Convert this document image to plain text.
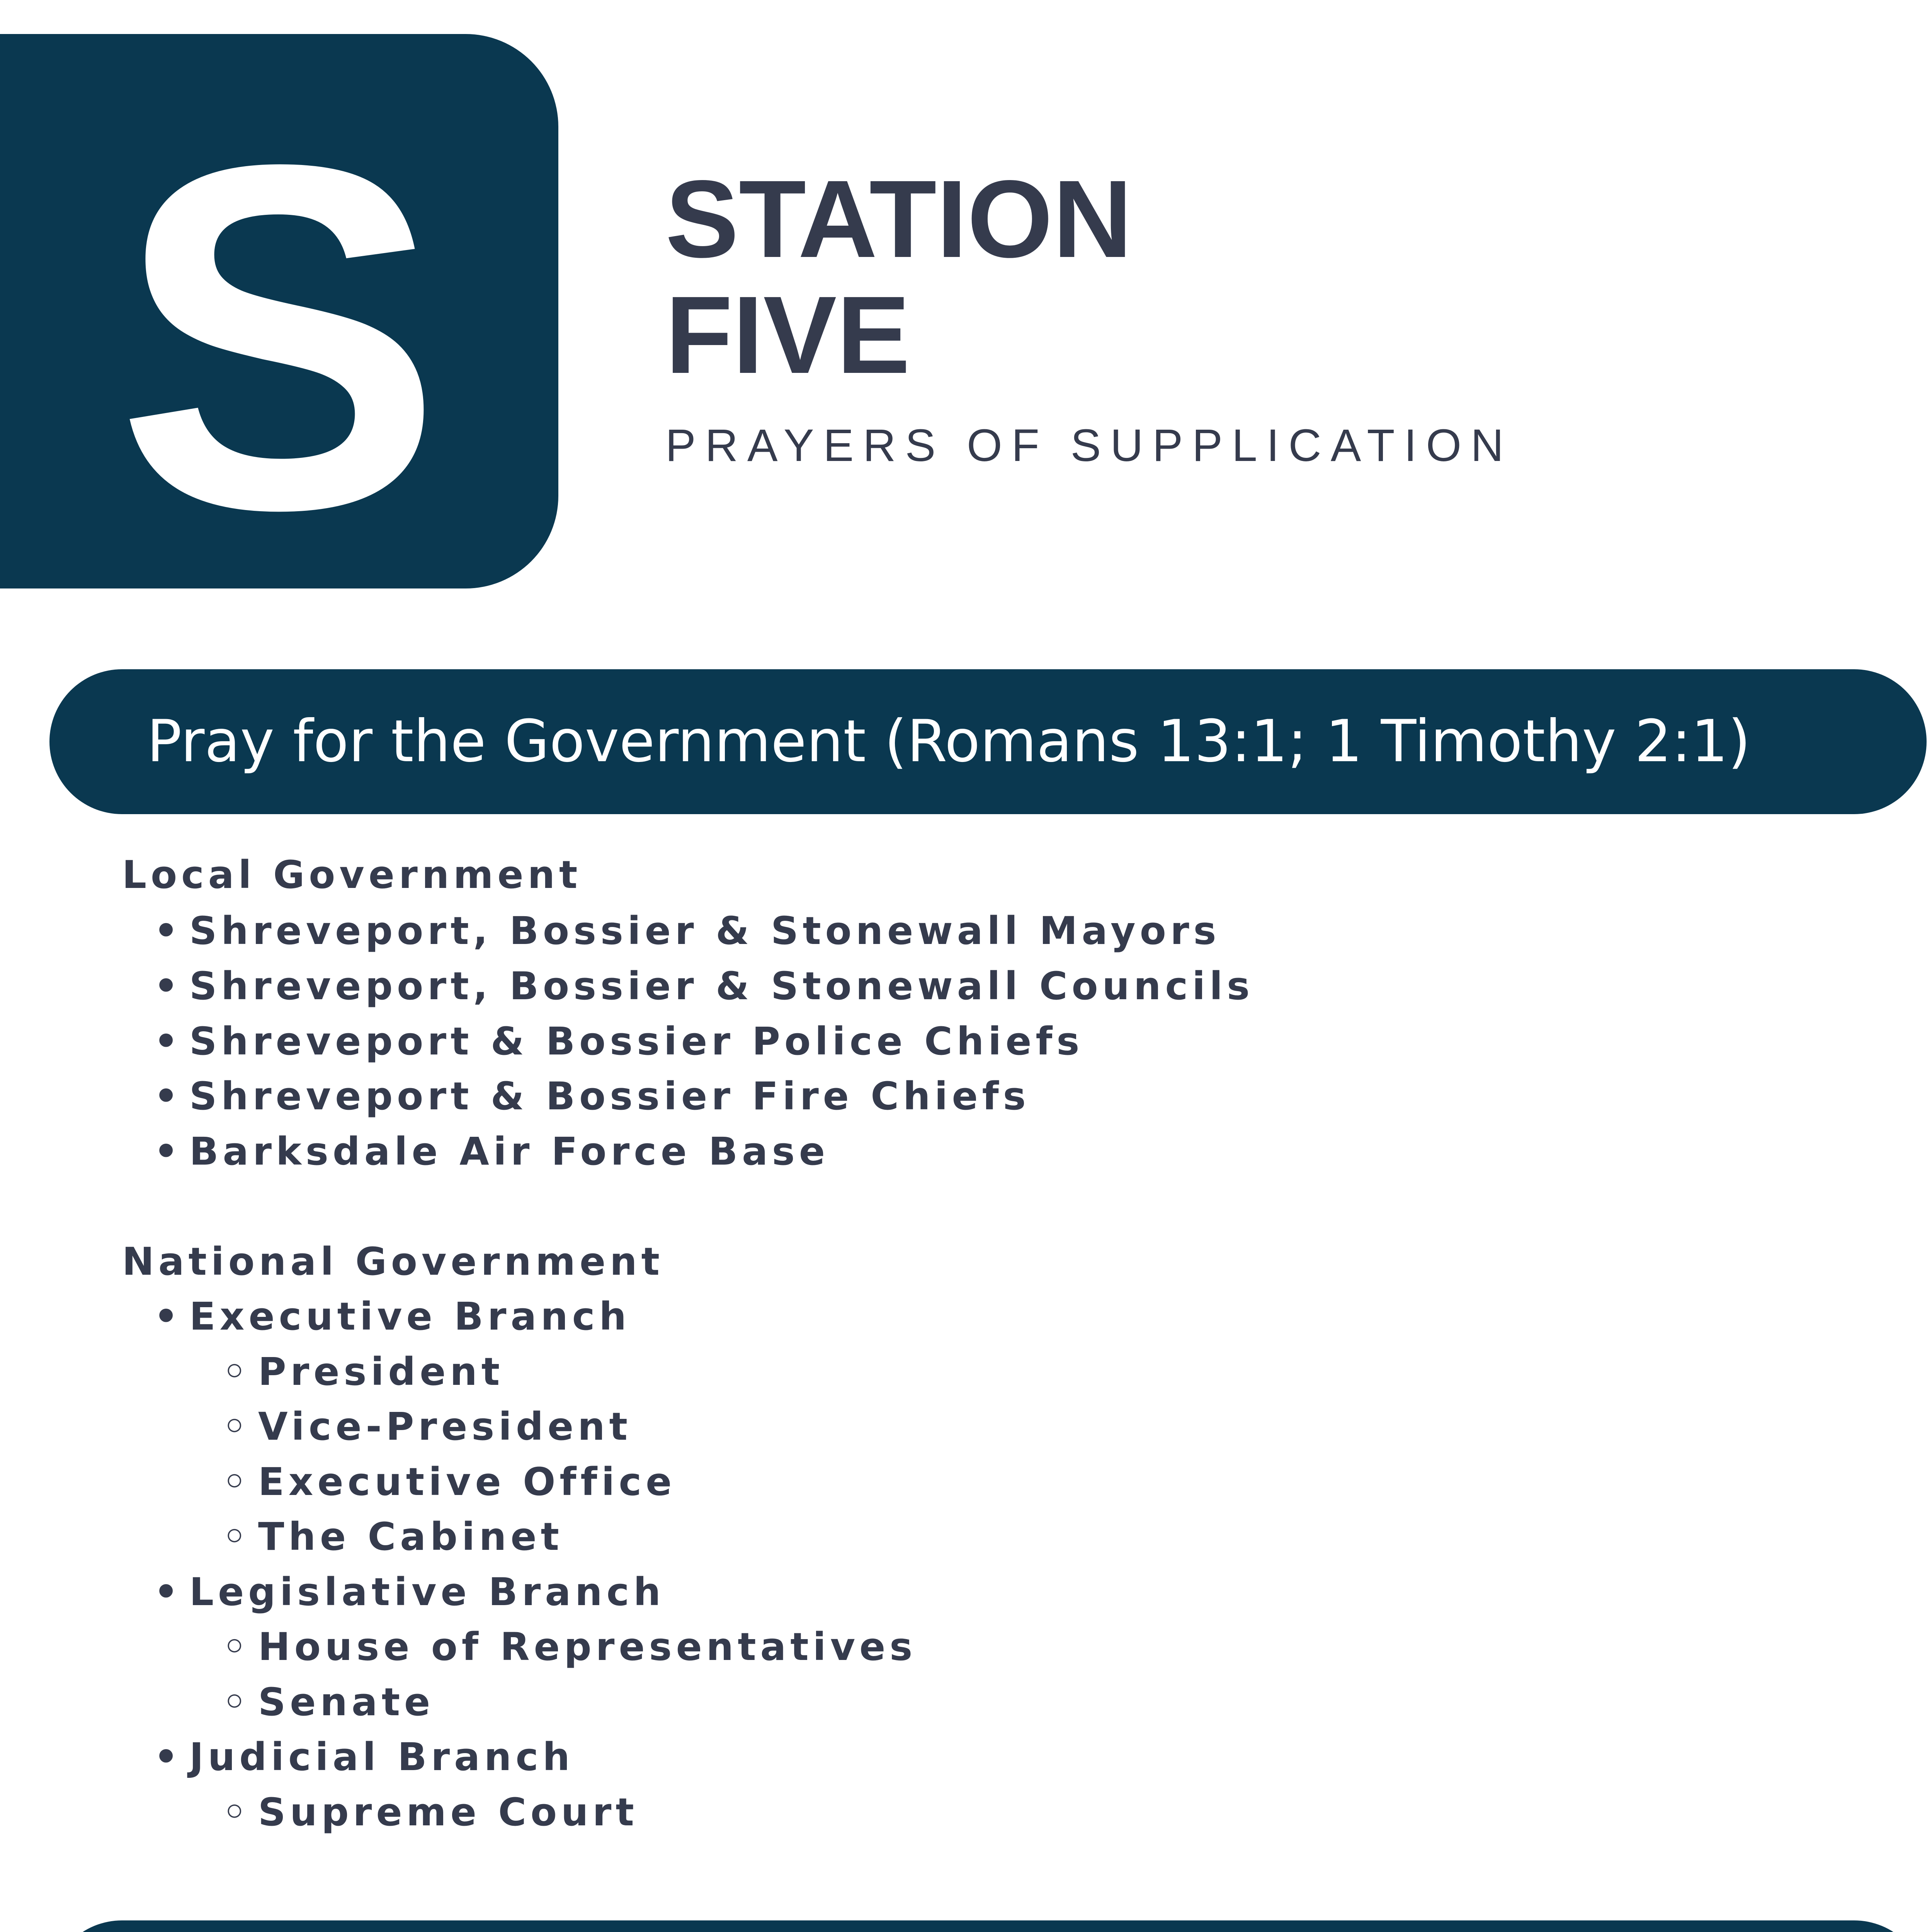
S	STATION
FIVE
PRAYERS OF SUPPLICATION
Pray for the Government (Romans 13:1; 1 Timothy 2:1)
Local Government
• Shreveport, Bossier & Stonewall Mayors
• Shreveport, Bossier & Stonewall Councils
• Shreveport & Bossier Police Chiefs
• Shreveport & Bossier Fire Chiefs
• Barksdale Air Force Base
National Government
• Executive Branch
◦ President
◦ Vice-President
◦ Executive Office
◦ The Cabinet
• Legislative Branch
◦ House of Representatives
◦ Senate
• Judicial Branch
◦ Supreme Court
